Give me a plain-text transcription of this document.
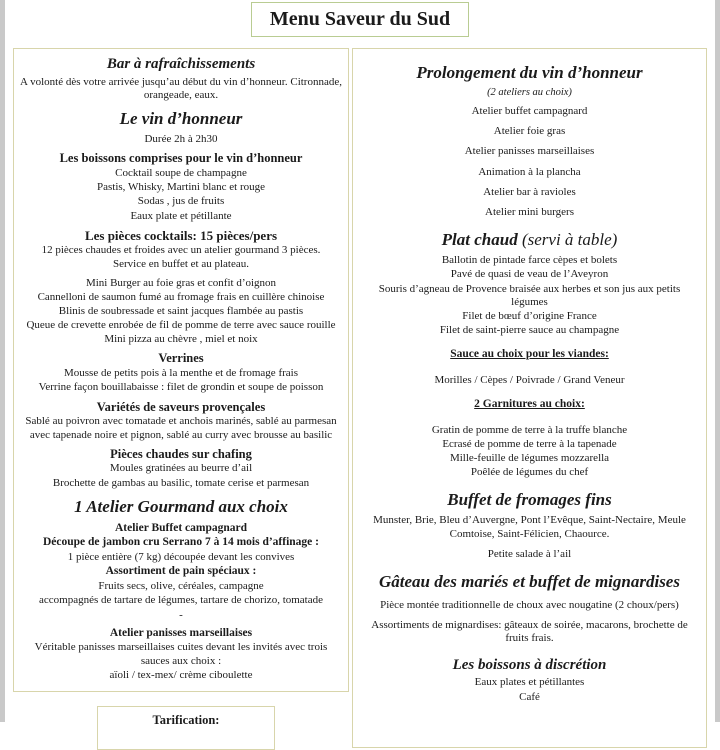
Menu Saveur du Sud
Bar à rafraîchissements
A volonté dès votre arrivée jusqu’au début du vin d’honneur. Citronnade, orangeade, eaux.
Le vin d’honneur
Durée 2h à 2h30
Les boissons comprises pour le vin d’honneur
Cocktail soupe de champagne
Pastis, Whisky, Martini blanc et rouge
Sodas , jus de fruits
Eaux plate et pétillante
Les pièces cocktails: 15 pièces/pers
12 pièces chaudes et froides avec un atelier gourmand 3 pièces.
Service en buffet et au plateau.
Mini Burger au foie gras et confit d’oignon
Cannelloni de saumon fumé au fromage frais en cuillère chinoise
Blinis de soubressade et saint jacques flambée au pastis
Queue de crevette enrobée de fil de pomme de terre avec sauce rouille
Mini pizza au chèvre , miel et noix
Verrines
Mousse de petits pois à la menthe et de fromage frais
Verrine façon bouillabaisse : filet de grondin et soupe de poisson
Variétés de saveurs provençales
Sablé au poivron avec tomatade et anchois marinés, sablé au parmesan avec tapenade noire et pignon, sablé au curry avec brousse au basilic
Pièces chaudes sur chafing
Moules gratinées au beurre d’ail
Brochette de gambas au basilic, tomate cerise et parmesan
1 Atelier Gourmand aux choix
Atelier Buffet campagnard
Découpe de jambon cru Serrano 7 à 14 mois d’affinage :
1 pièce entière (7 kg) découpée devant les convives
Assortiment de pain spéciaux :
Fruits secs, olive, céréales, campagne
accompagnés de tartare de légumes, tartare de chorizo, tomatade
-
Atelier panisses marseillaises
Véritable panisses marseillaises cuites devant les invités avec trois sauces aux choix :
aïoli / tex-mex/ crème ciboulette
Prolongement du vin d’honneur
(2 ateliers au choix)
Atelier buffet campagnard
Atelier foie gras
Atelier panisses marseillaises
Animation à la plancha
Atelier bar à ravioles
Atelier mini burgers
Plat chaud (servi à table)
Ballotin de pintade farce cèpes et bolets
Pavé de quasi de veau de l’Aveyron
Souris d’agneau de Provence braisée aux herbes et son jus aux petits légumes
Filet de bœuf d’origine France
Filet de saint-pierre sauce au champagne
Sauce au choix pour les viandes:
Morilles / Cèpes / Poivrade / Grand Veneur
2 Garnitures au choix:
Gratin de pomme de terre à la truffe blanche
Ecrasé de pomme de terre à la tapenade
Mille-feuille de légumes mozzarella
Poêlée de légumes du chef
Buffet de fromages fins
Munster, Brie, Bleu d’Auvergne, Pont l’Evêque, Saint-Nectaire, Meule Comtoise, Saint-Félicien, Chaource.
Petite salade à l’ail
Gâteau des mariés et buffet de mignardises
Pièce montée traditionnelle de choux avec nougatine (2 choux/pers)
Assortiments de mignardises: gâteaux de soirée, macarons, brochette de fruits frais.
Les boissons à discrétion
Eaux plates et pétillantes
Café
Tarification:
